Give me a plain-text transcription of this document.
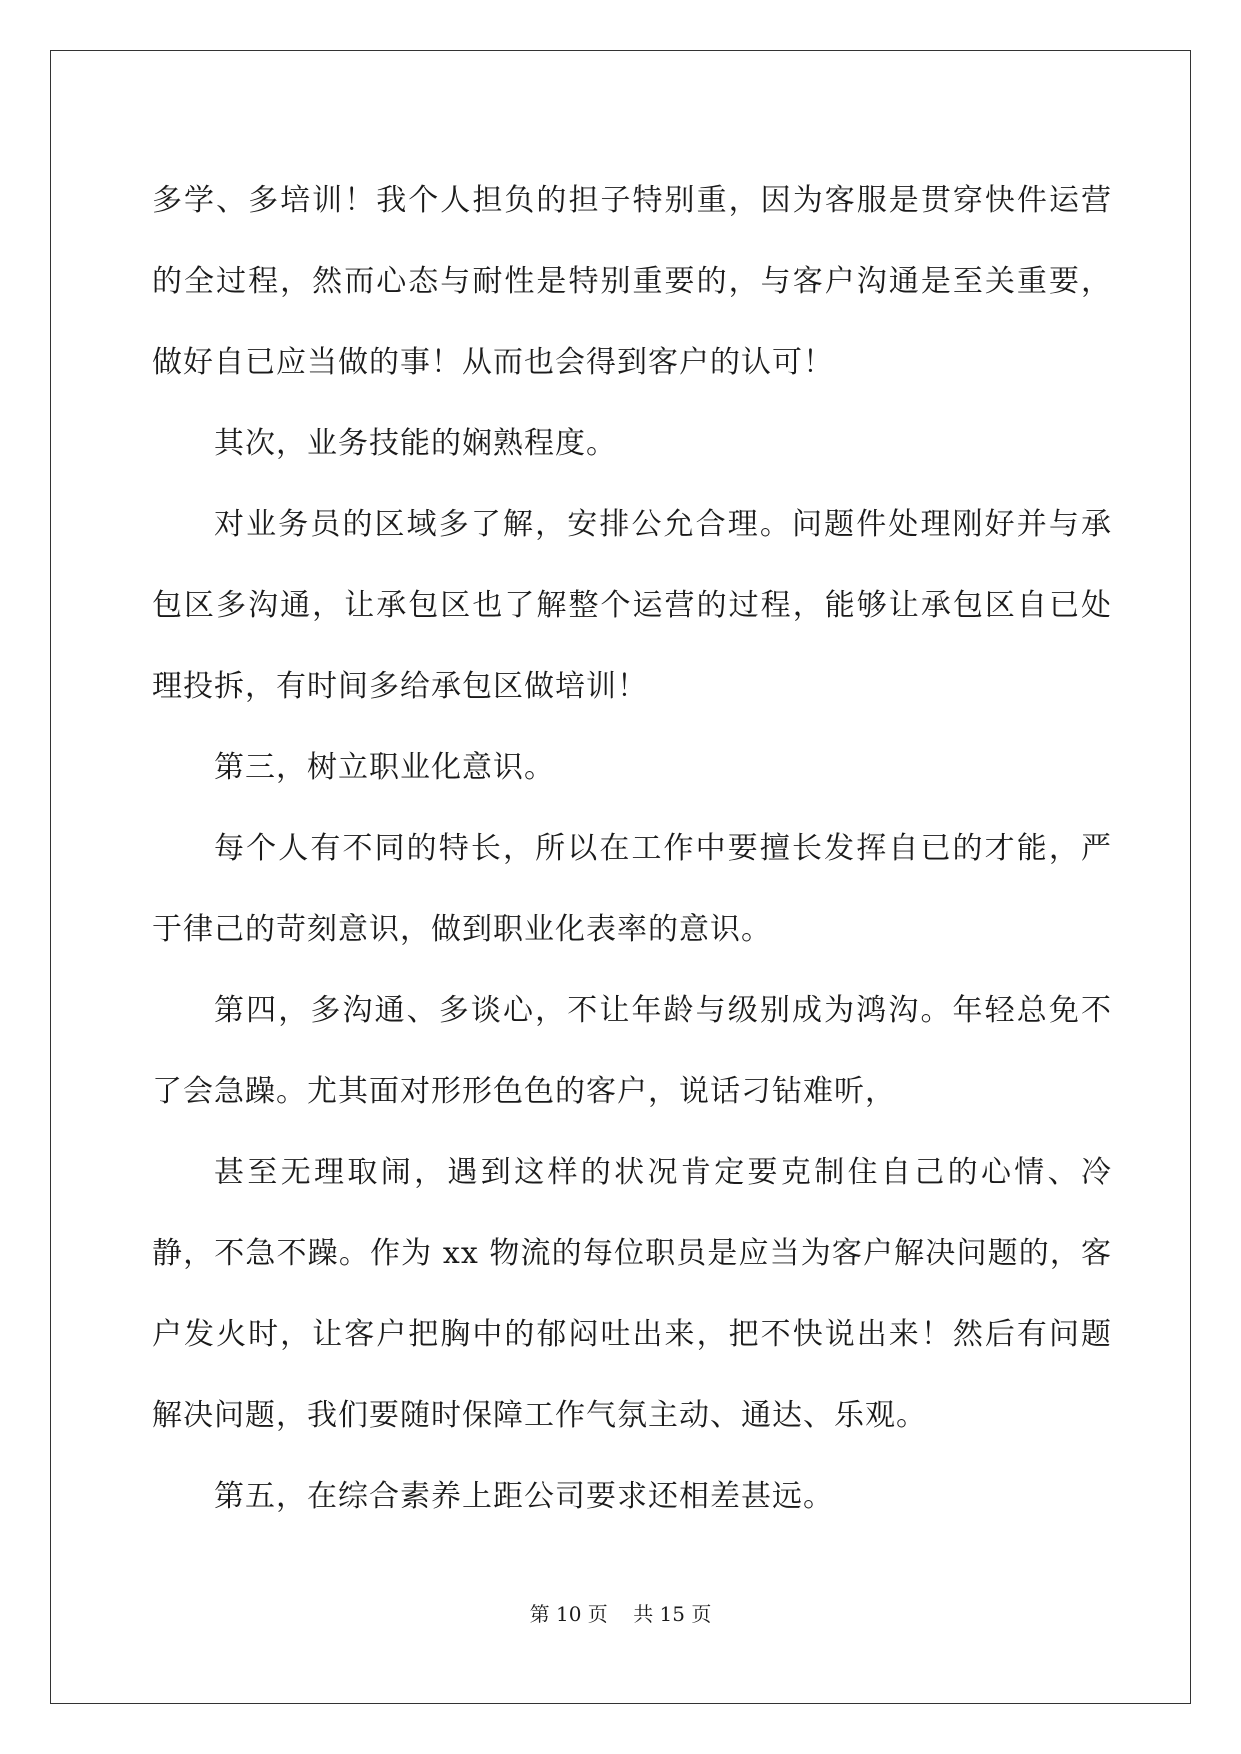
多学、多培训！我个人担负的担子特别重，因为客服是贯穿快件运营的全过程，然而心态与耐性是特别重要的，与客户沟通是至关重要，做好自已应当做的事！从而也会得到客户的认可！

其次，业务技能的娴熟程度。

对业务员的区域多了解，安排公允合理。问题件处理刚好并与承包区多沟通，让承包区也了解整个运营的过程，能够让承包区自已处理投拆，有时间多给承包区做培训！

第三，树立职业化意识。

每个人有不同的特长，所以在工作中要擅长发挥自已的才能，严于律己的苛刻意识，做到职业化表率的意识。

第四，多沟通、多谈心，不让年龄与级别成为鸿沟。年轻总免不了会急躁。尤其面对形形色色的客户，说话刁钻难听，

甚至无理取闹，遇到这样的状况肯定要克制住自己的心情、冷静，不急不躁。作为 xx 物流的每位职员是应当为客户解决问题的，客户发火时，让客户把胸中的郁闷吐出来，把不快说出来！然后有问题解决问题，我们要随时保障工作气氛主动、通达、乐观。

第五，在综合素养上距公司要求还相差甚远。

第 10 页    共 15 页
